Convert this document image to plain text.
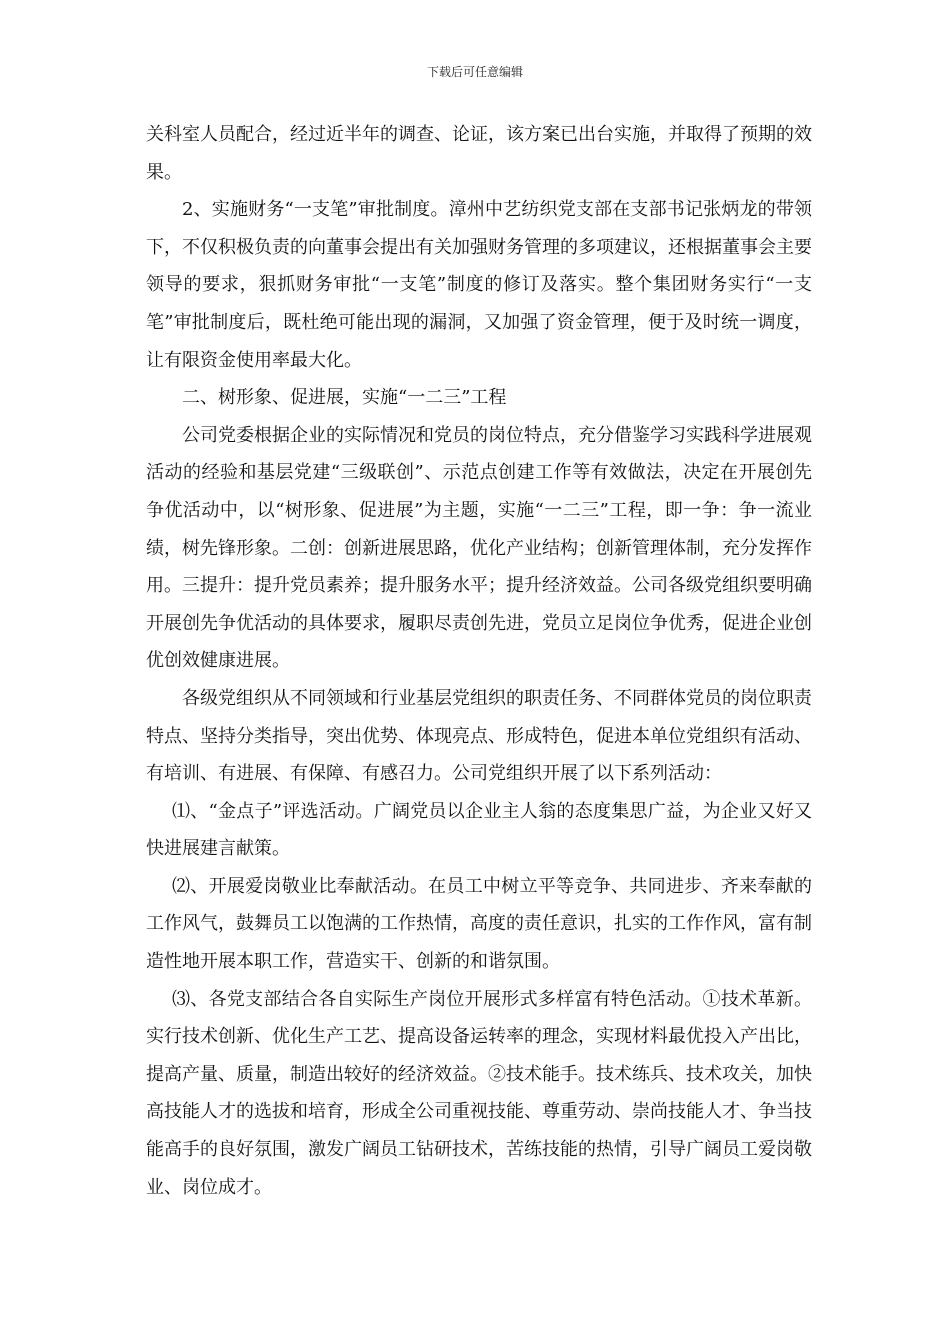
下载后可任意编辑

关科室人员配合，经过近半年的调查、论证，该方案已出台实施，并取得了预期的效果。

2、实施财务“一支笔”审批制度。漳州中艺纺织党支部在支部书记张炳龙的带领下，不仅积极负责的向董事会提出有关加强财务管理的多项建议，还根据董事会主要领导的要求，狠抓财务审批“一支笔”制度的修订及落实。整个集团财务实行“一支笔”审批制度后，既杜绝可能出现的漏洞，又加强了资金管理，便于及时统一调度，让有限资金使用率最大化。

二、树形象、促进展，实施“一二三”工程

公司党委根据企业的实际情况和党员的岗位特点，充分借鉴学习实践科学进展观活动的经验和基层党建“三级联创”、示范点创建工作等有效做法，决定在开展创先争优活动中，以“树形象、促进展”为主题，实施“一二三”工程，即一争：争一流业绩，树先锋形象。二创：创新进展思路，优化产业结构；创新管理体制，充分发挥作用。三提升：提升党员素养；提升服务水平；提升经济效益。公司各级党组织要明确开展创先争优活动的具体要求，履职尽责创先进，党员立足岗位争优秀，促进企业创优创效健康进展。

各级党组织从不同领域和行业基层党组织的职责任务、不同群体党员的岗位职责特点、坚持分类指导，突出优势、体现亮点、形成特色，促进本单位党组织有活动、有培训、有进展、有保障、有感召力。公司党组织开展了以下系列活动：

⑴、“金点子”评选活动。广阔党员以企业主人翁的态度集思广益，为企业又好又快进展建言献策。

⑵、开展爱岗敬业比奉献活动。在员工中树立平等竞争、共同进步、齐来奉献的工作风气，鼓舞员工以饱满的工作热情，高度的责任意识，扎实的工作作风，富有制造性地开展本职工作，营造实干、创新的和谐氛围。

⑶、各党支部结合各自实际生产岗位开展形式多样富有特色活动。①技术革新。实行技术创新、优化生产工艺、提高设备运转率的理念，实现材料最优投入产出比，提高产量、质量，制造出较好的经济效益。②技术能手。技术练兵、技术攻关，加快高技能人才的选拔和培育，形成全公司重视技能、尊重劳动、崇尚技能人才、争当技能高手的良好氛围，激发广阔员工钻研技术，苦练技能的热情，引导广阔员工爱岗敬业、岗位成才。
